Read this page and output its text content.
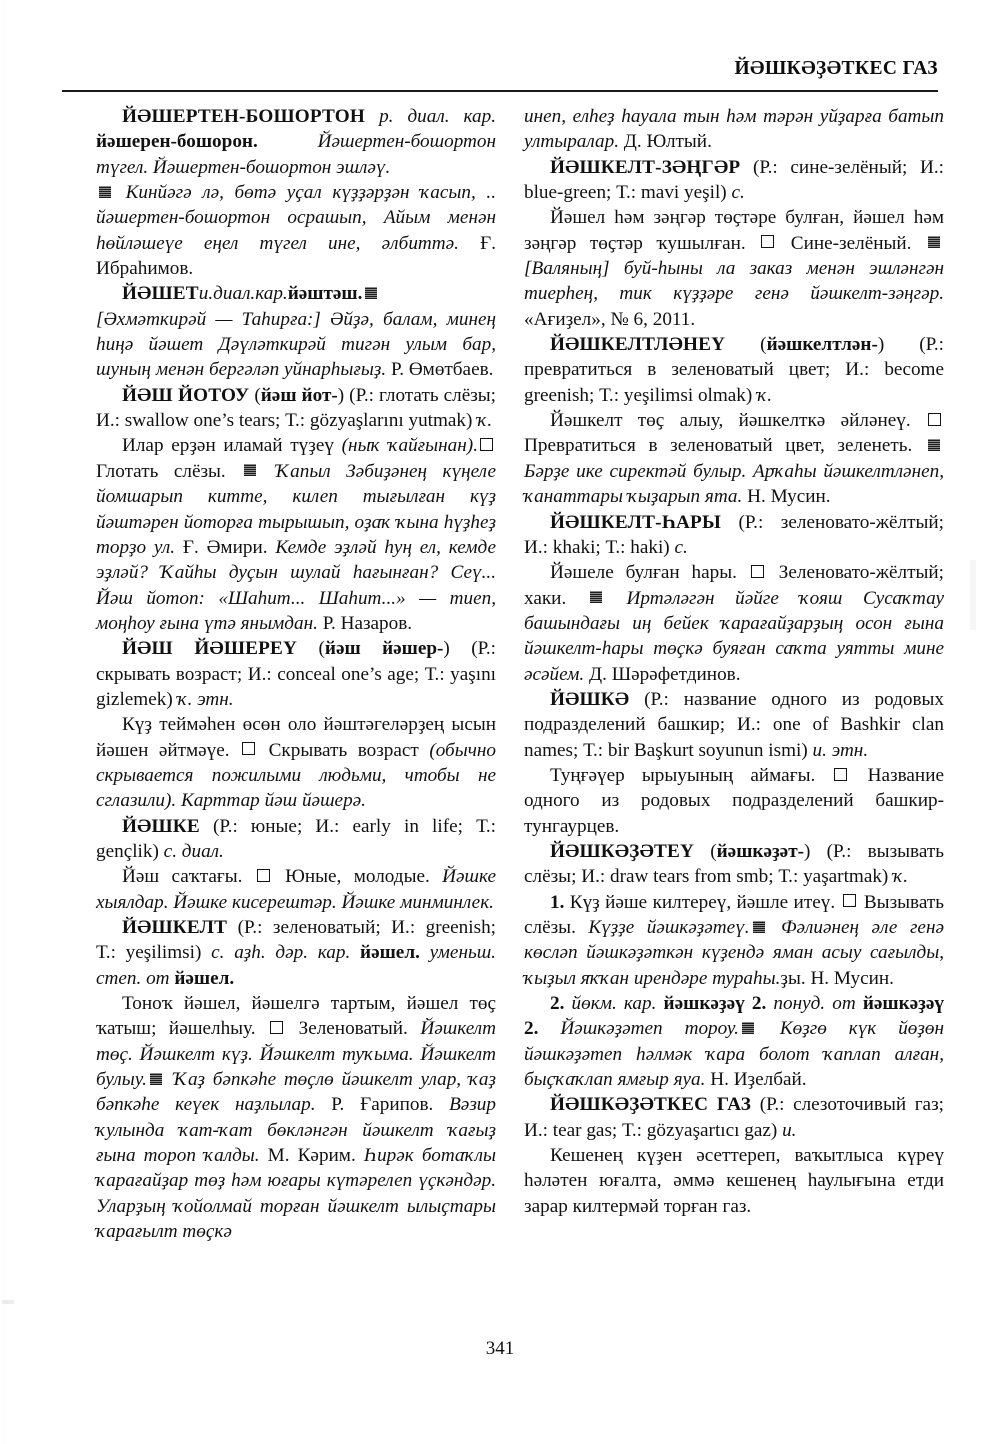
ЙӘШКӘҘӘТКЕС ГАЗ

ЙӘШЕРТЕН-БОШОРТОН р. диал. кар. йәшерен-бошорон. Йәшертен-бошортон түгел. Йәшертен-бошортон эшләү.

Кинйәгә лә, бөтә уҫал күҙҙәрҙән ҡасып, .. йәшертен-бошортон осрашып, Айым менән һөйләшеүе еңел түгел ине, әлбиттә. Ғ. Ибраһимов.

ЙӘШЕТи.диал.кар.йәштәш. [Әхмәткирәй — Таһирға:] Әйҙә, балам, минең һиңә йәшет Дәүләткирәй тигән улым бар, шуның менән бергәләп уйнарһығыҙ. Р. Өмөтбаев.

ЙӘШ ЙОТОУ (йәш йот-) (Р.: глотать слёзы; И.: swallow one’s tears; Т.: gözyaşlarını yutmak) ҡ.

Илар ерҙән иламай түҙеү (ныҡ ҡайғынан). Глотать слёзы.  Ҡапыл Зәбиҙәнең күңеле йомшарып китте, килеп тығылған күҙ йәштәрен йоторға тырышып, оҙаҡ ҡына һүҙһеҙ торҙо ул. Ғ. Әмири. Кемде эҙләй һуң ел, кемде эҙләй? Ҡайһы дуҫын шулай һағынған? Сеү... Йәш йотоп: «Шаһит... Шаһит...» — тиеп, моңһоу ғына үтә янымдан. Р. Назаров.

ЙӘШ ЙӘШЕРЕҮ (йәш йәшер-) (Р.: скрывать возраст; И.: conceal one’s age; Т.: yaşını gizlemek) ҡ. этн.

Күҙ теймәһен өсөн оло йәштәгеләрҙең ысын йәшен әйтмәүе.  Скрывать возраст (обычно скрывается пожилыми людьми, чтобы не сглазили). Карттар йәш йәшерә.

ЙӘШКЕ (Р.: юные; И.: early in life; Т.: gençlik) с. диал.

Йәш саҡтағы.  Юные, молодые. Йәшке хыялдар. Йәшке кисерештәр. Йәшке минминлек.

ЙӘШКЕЛТ (Р.: зеленоватый; И.: greenish; Т.: yeşilimsi) с. аҙһ. дәр. кар. йәшел. уменьш. степ. от йәшел.

Тоноҡ йәшел, йәшелгә тартым, йәшел төҫ ҡатыш; йәшелһыу.  Зеленоватый. Йәшкелт төҫ. Йәшкелт күҙ. Йәшкелт туҡыма. Йәшкелт булыу. Ҡаҙ бәпкәһе төҫлө йәшкелт улар, ҡаҙ бәпкәһе кеүек наҙлылар. Р. Ғарипов. Вәзир ҡулында ҡат-ҡат бөкләнгән йәшкелт ҡағыҙ ғына тороп ҡалды. М. Кәрим. Һирәк ботаҡлы ҡарағайҙар төҙ һәм юғары күтәрелеп үҫкәндәр. Уларҙың ҡойолмай торған йәшкелт ылыҫтары ҡарағылт төҫкә

инеп, елһеҙ һауала тын һәм тәрән уйҙарға батып ултыралар. Д. Юлтый.

ЙӘШКЕЛТ-ЗӘҢГӘР (Р.: сине-зелёный; И.: blue-green; Т.: mavi yeşil) с.

Йәшел һәм зәңгәр төҫтәре булған, йәшел һәм зәңгәр төҫтәр ҡушылған.  Сине-зелёный.  [Валяның] буй-һыны ла заказ менән эшләнгән тиерһең, тик күҙҙәре генә йәшкелт-зәңгәр. «Ағиҙел», № 6, 2011.

ЙӘШКЕЛТЛӘНЕҮ (йәшкелтлән-) (Р.: превратиться в зеленоватый цвет; И.: become greenish; Т.: yeşilimsi olmak) ҡ.

Йәшкелт төҫ алыу, йәшкелткә әйләнеү.  Превратиться в зеленоватый цвет, зеленеть.  Бәрҙе ике сиректәй булыр. Арҡаһы йәшкелтләнеп, ҡанаттары ҡыҙарып ята. Н. Мусин.

ЙӘШКЕЛТ-ҺАРЫ (Р.: зеленовато-жёлтый; И.: khaki; Т.: haki) с.

Йәшеле булған һары.  Зеленовато-жёлтый; хаки.  Иртәләгән йәйге ҡояш Сусаҡтау башындағы иң бейек ҡарағайҙарҙың осон ғына йәшкелт-һары төҫкә буяған саҡта уятты мине әсәйем. Д. Шәрәфетдинов.

ЙӘШКӘ (Р.: название одного из родовых подразделений башкир; И.: one of Bashkir clan names; Т.: bir Başkurt soyunun ismi) и. этн.

Туңғәүер ырыуының аймағы.  Название одного из родовых подразделений башкир-тунгаурцев.

ЙӘШКӘҘӘТЕҮ (йәшкәҙәт-) (Р.: вызывать слёзы; И.: draw tears from smb; Т.: yaşartmak) ҡ.

1. Күҙ йәше килтереү, йәшле итеү.  Вызывать слёзы. Күҙҙе йәшкәҙәтеү. Фәлиәнең әле генә көсләп йәшкәҙәткән күҙендә яман асыу сағылды, ҡыҙыл яҡҡан ирендәре тураһы.ҙы. Н. Мусин.

2. йөкм. кар. йәшкәҙәү 2. понуд. от йәшкәҙәү 2. Йәшкәҙәтеп тороу. Көҙгө күк йөҙөн йәшкәҙәтеп һәлмәк ҡара болот ҡаплап алған, быҫҡаҡлап ямғыр яуа. Н. Иҙелбай.

ЙӘШКӘҘӘТКЕС ГАЗ (Р.: слезоточивый газ; И.: tear gas; Т.: gözyaşartıcı gaz) и.

Кешенең күҙен әсеттереп, ваҡытлыса күреү һәләтен юғалта, әммә кешенең һаулығына етди зарар килтермәй торған газ.

341
